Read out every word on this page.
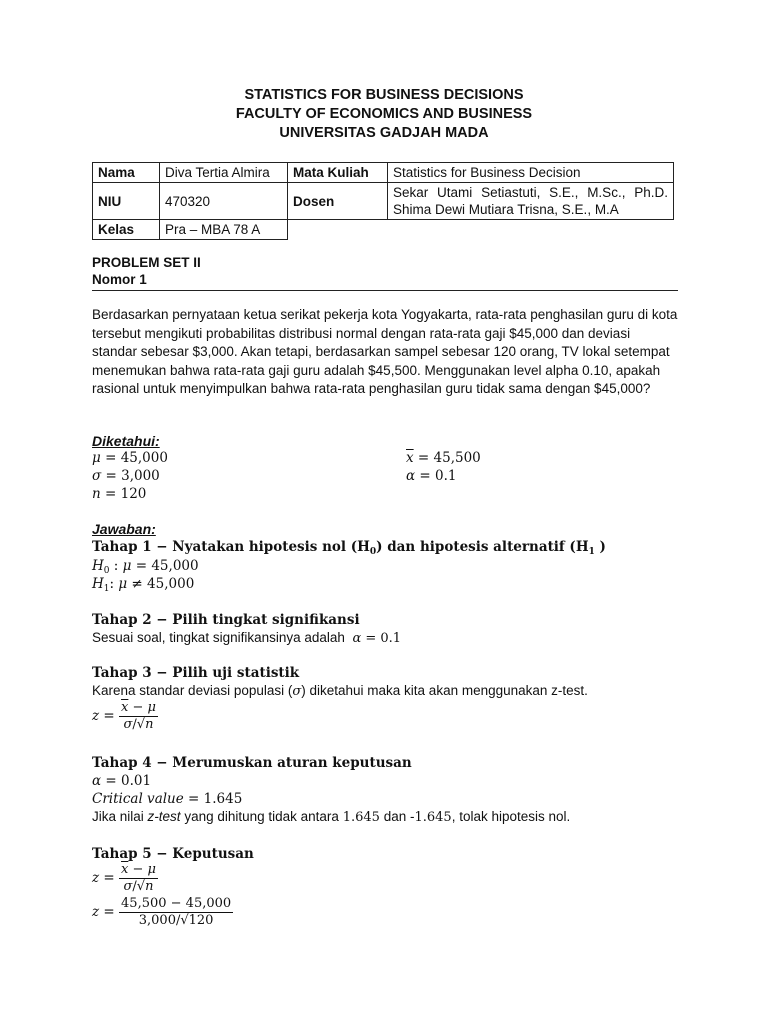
STATISTICS FOR BUSINESS DECISIONS
FACULTY OF ECONOMICS AND BUSINESS
UNIVERSITAS GADJAH MADA
Nama	Diva Tertia Almira	Mata Kuliah	Statistics for Business Decision
NIU	470320	Dosen	Sekar Utami Setiastuti, S.E., M.Sc., Ph.D.
Shima Dewi Mutiara Trisna, S.E., M.A

Kelas	Pra – MBA 78 A		
PROBLEM SET II
Nomor 1
Berdasarkan pernyataan ketua serikat pekerja kota Yogyakarta, rata-rata penghasilan guru di kota tersebut mengikuti probabilitas distribusi normal dengan rata-rata gaji $45,000 dan deviasi standar sebesar $3,000. Akan tetapi, berdasarkan sampel sebesar 120 orang, TV lokal setempat menemukan bahwa rata-rata gaji guru adalah $45,500. Menggunakan level alpha 0.10, apakah rasional untuk menyimpulkan bahwa rata-rata penghasilan guru tidak sama dengan $45,000?
Diketahui:
μ = 45,000
σ = 3,000
n = 120
$\overline{x} = 45,500$
α = 0.1
Jawaban:
Tahap 1 − Nyatakan hipotesis nol $(H_0)$ dan hipotesis alternatif ($H_1$ )
$H_0$ : μ = 45,000
$H_1$: μ ≠ 45,000
Tahap 2 − Pilih tingkat signifikansi
Sesuai soal, tingkat signifikansinya adalah α = 0.1
Tahap 3 − Pilih uji statistik
Karena standar deviasi populasi (σ) diketahui maka kita akan menggunakan z-test.
$z = \frac{\overline{x} - \mu}{\sigma/√n}$
Tahap 4 − Merumuskan aturan keputusan
α = 0.01
Critical value = 1.645
Jika nilai z-test yang dihitung tidak antara 1.645 dan -1.645, tolak hipotesis nol.
Tahap 5 − Keputusan
$z = \frac{\overline{x} - \mu}{\sigma/√n}$
$z = \frac{45,500 - 45,000}{3,000/√120}$
